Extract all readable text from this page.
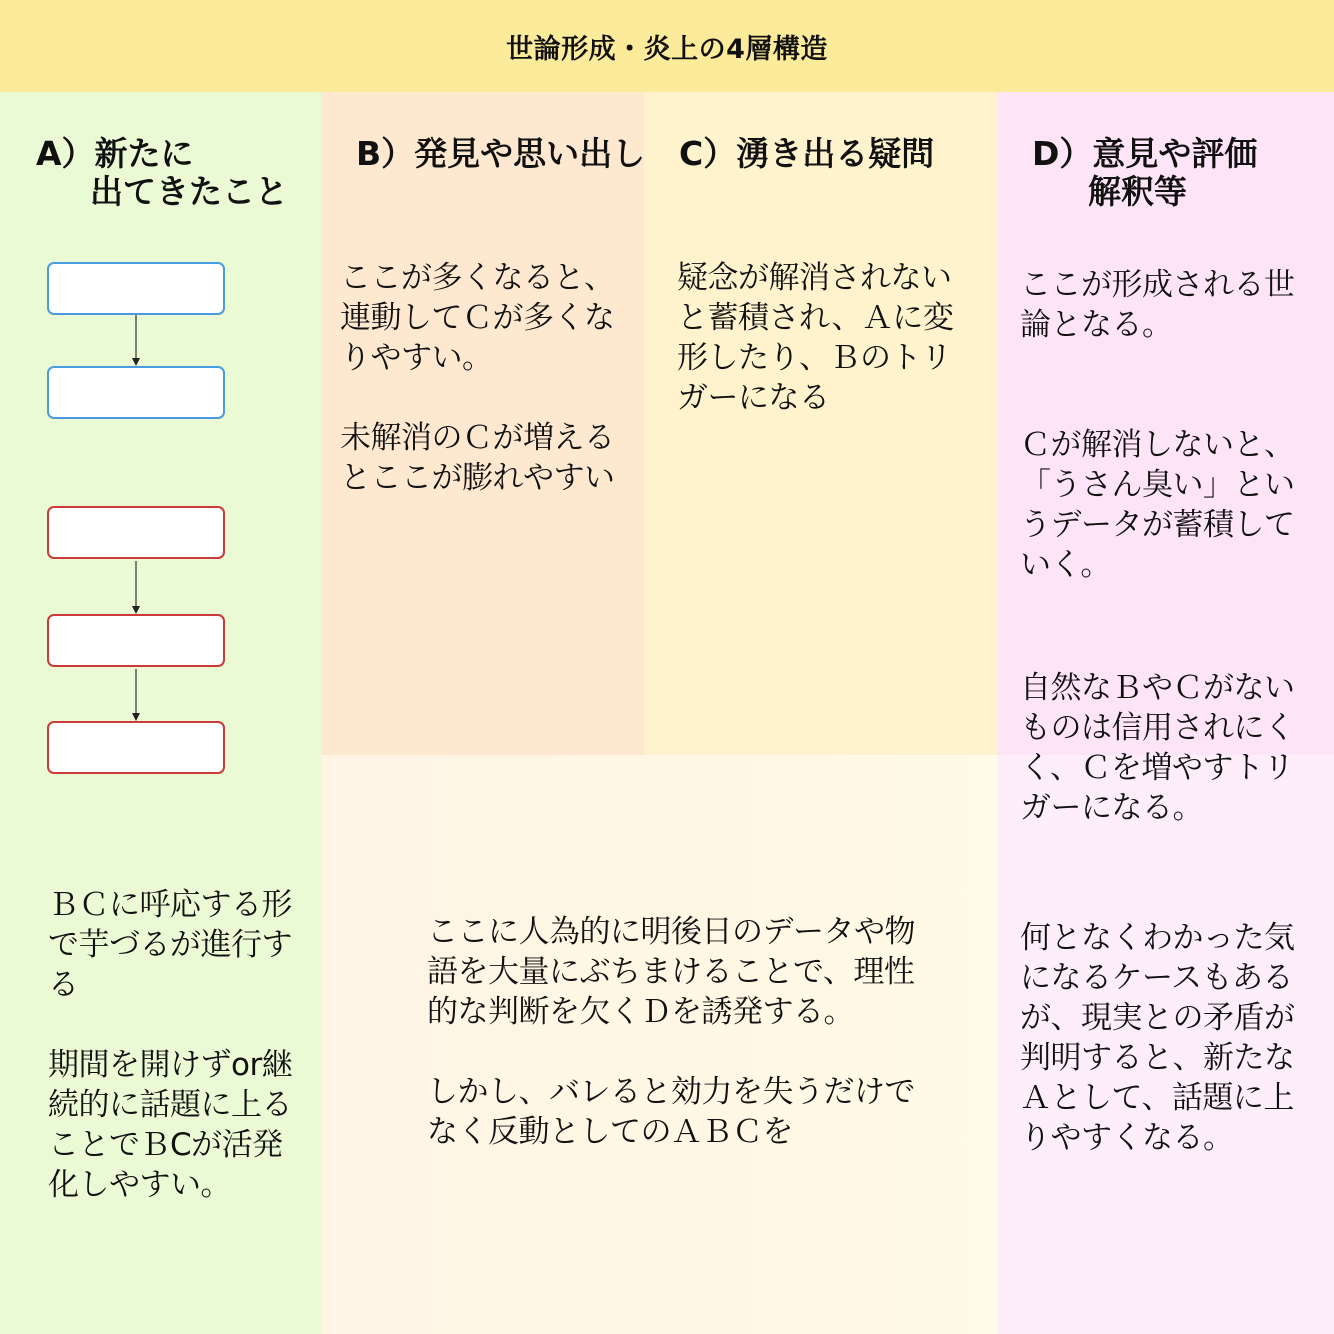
世論形成・炎上の4層構造
A）新たに
出てきたこと
B）発見や思い出し C）湧き出る疑問	D）意見や評価
解釈等
ＢＣに呼応する形
で芋づるが進行す
る
期間を開けずor継
続的に話題に上る
ことでＢCが活発
化しやすい。
ここが多くなると、
連動してＣが多くな
りやすい。
未解消のＣが増える
とここが膨れやすい
疑念が解消されない
と蓄積され、Ａに変
形したり、Ｂのトリ
ガーになる
ここが形成される世
論となる。
Ｃが解消しないと、
「うさん臭い」とい
うデータが蓄積して
いく。
自然なＢやＣがない
ものは信用されにく
く、Ｃを増やすトリ
ガーになる。
何となくわかった気
になるケースもある
が、現実との矛盾が
判明すると、新たな
Ａとして、話題に上
りやすくなる。
ここに人為的に明後日のデータや物
語を大量にぶちまけることで、理性
的な判断を欠くＤを誘発する。
しかし、バレると効力を失うだけで
なく反動としてのＡＢＣを
